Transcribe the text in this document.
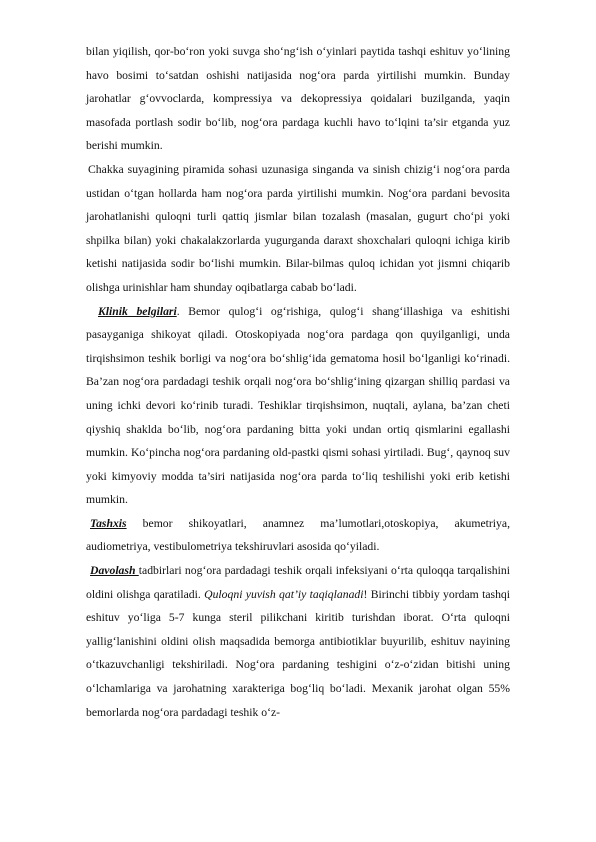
bilan yiqilish, qor-bo‘ron yoki suvga sho‘ng‘ish o‘yinlari paytida tashqi eshituv yo‘lining havo bosimi to‘satdan oshishi natijasida nog‘ora parda yirtilishi mumkin. Bunday jarohatlar g‘ovvoclarda, kompressiya va dekopressiya qoidalari buzilganda, yaqin masofada portlash sodir bo‘lib, nog‘ora pardaga kuchli havo to‘lqini ta’sir etganda yuz berishi mumkin.

Chakka suyagining piramida sohasi uzunasiga singanda va sinish chizig‘i nog‘ora parda ustidan o‘tgan hollarda ham nog‘ora parda yirtilishi mumkin. Nog‘ora pardani bevosita jarohatlanishi quloqni turli qattiq jismlar bilan tozalash (masalan, gugurt cho‘pi yoki shpilka bilan) yoki chakalakzorlarda yugurganda daraxt shoxchalari quloqni ichiga kirib ketishi natijasida sodir bo‘lishi mumkin. Bilar-bilmas quloq ichidan yot jismni chiqarib olishga urinishlar ham shunday oqibatlarga cabab bo‘ladi.

Klinik belgilari. Bemor qulog‘i og‘rishiga, qulog‘i shang‘illashiga va eshitishi pasayganiga shikoyat qiladi. Otoskopiyada nog‘ora pardaga qon quyilganligi, unda tirqishsimon teshik borligi va nog‘ora bo‘shlig‘ida gematoma hosil bo‘lganligi ko‘rinadi. Ba’zan nog‘ora pardadagi teshik orqali nog‘ora bo‘shlig‘ining qizargan shilliq pardasi va uning ichki devori ko‘rinib turadi. Teshiklar tirqishsimon, nuqtali, aylana, ba’zan cheti qiyshiq shaklda bo‘lib, nog‘ora pardaning bitta yoki undan ortiq qismlarini egallashi mumkin. Ko‘pincha nog‘ora pardaning old-pastki qismi sohasi yirtiladi. Bug‘, qaynoq suv yoki kimyoviy modda ta’siri natijasida nog‘ora parda to‘liq teshilishi yoki erib ketishi mumkin.

Tashxis bemor shikoyatlari, anamnez ma’lumotlari,otoskopiya, akumetriya, audiometriya, vestibulometriya tekshiruvlari asosida qo‘yiladi.

Davolash tadbirlari nog‘ora pardadagi teshik orqali infeksiyani o‘rta quloqqa tarqalishini oldini olishga qaratiladi. Quloqni yuvish qat’iy taqiqlanadi! Birinchi tibbiy yordam tashqi eshituv yo‘liga 5-7 kunga steril pilikchani kiritib turishdan iborat. O‘rta quloqni yallig‘lanishini oldini olish maqsadida bemorga antibiotiklar buyurilib, eshituv nayining o‘tkazuvchanligi tekshiriladi. Nog‘ora pardaning teshigini o‘z-o‘zidan bitishi uning o‘lchamlariga va jarohatning xarakteriga bog‘liq bo‘ladi. Mexanik jarohat olgan 55% bemorlarda nog‘ora pardadagi teshik o‘z-
